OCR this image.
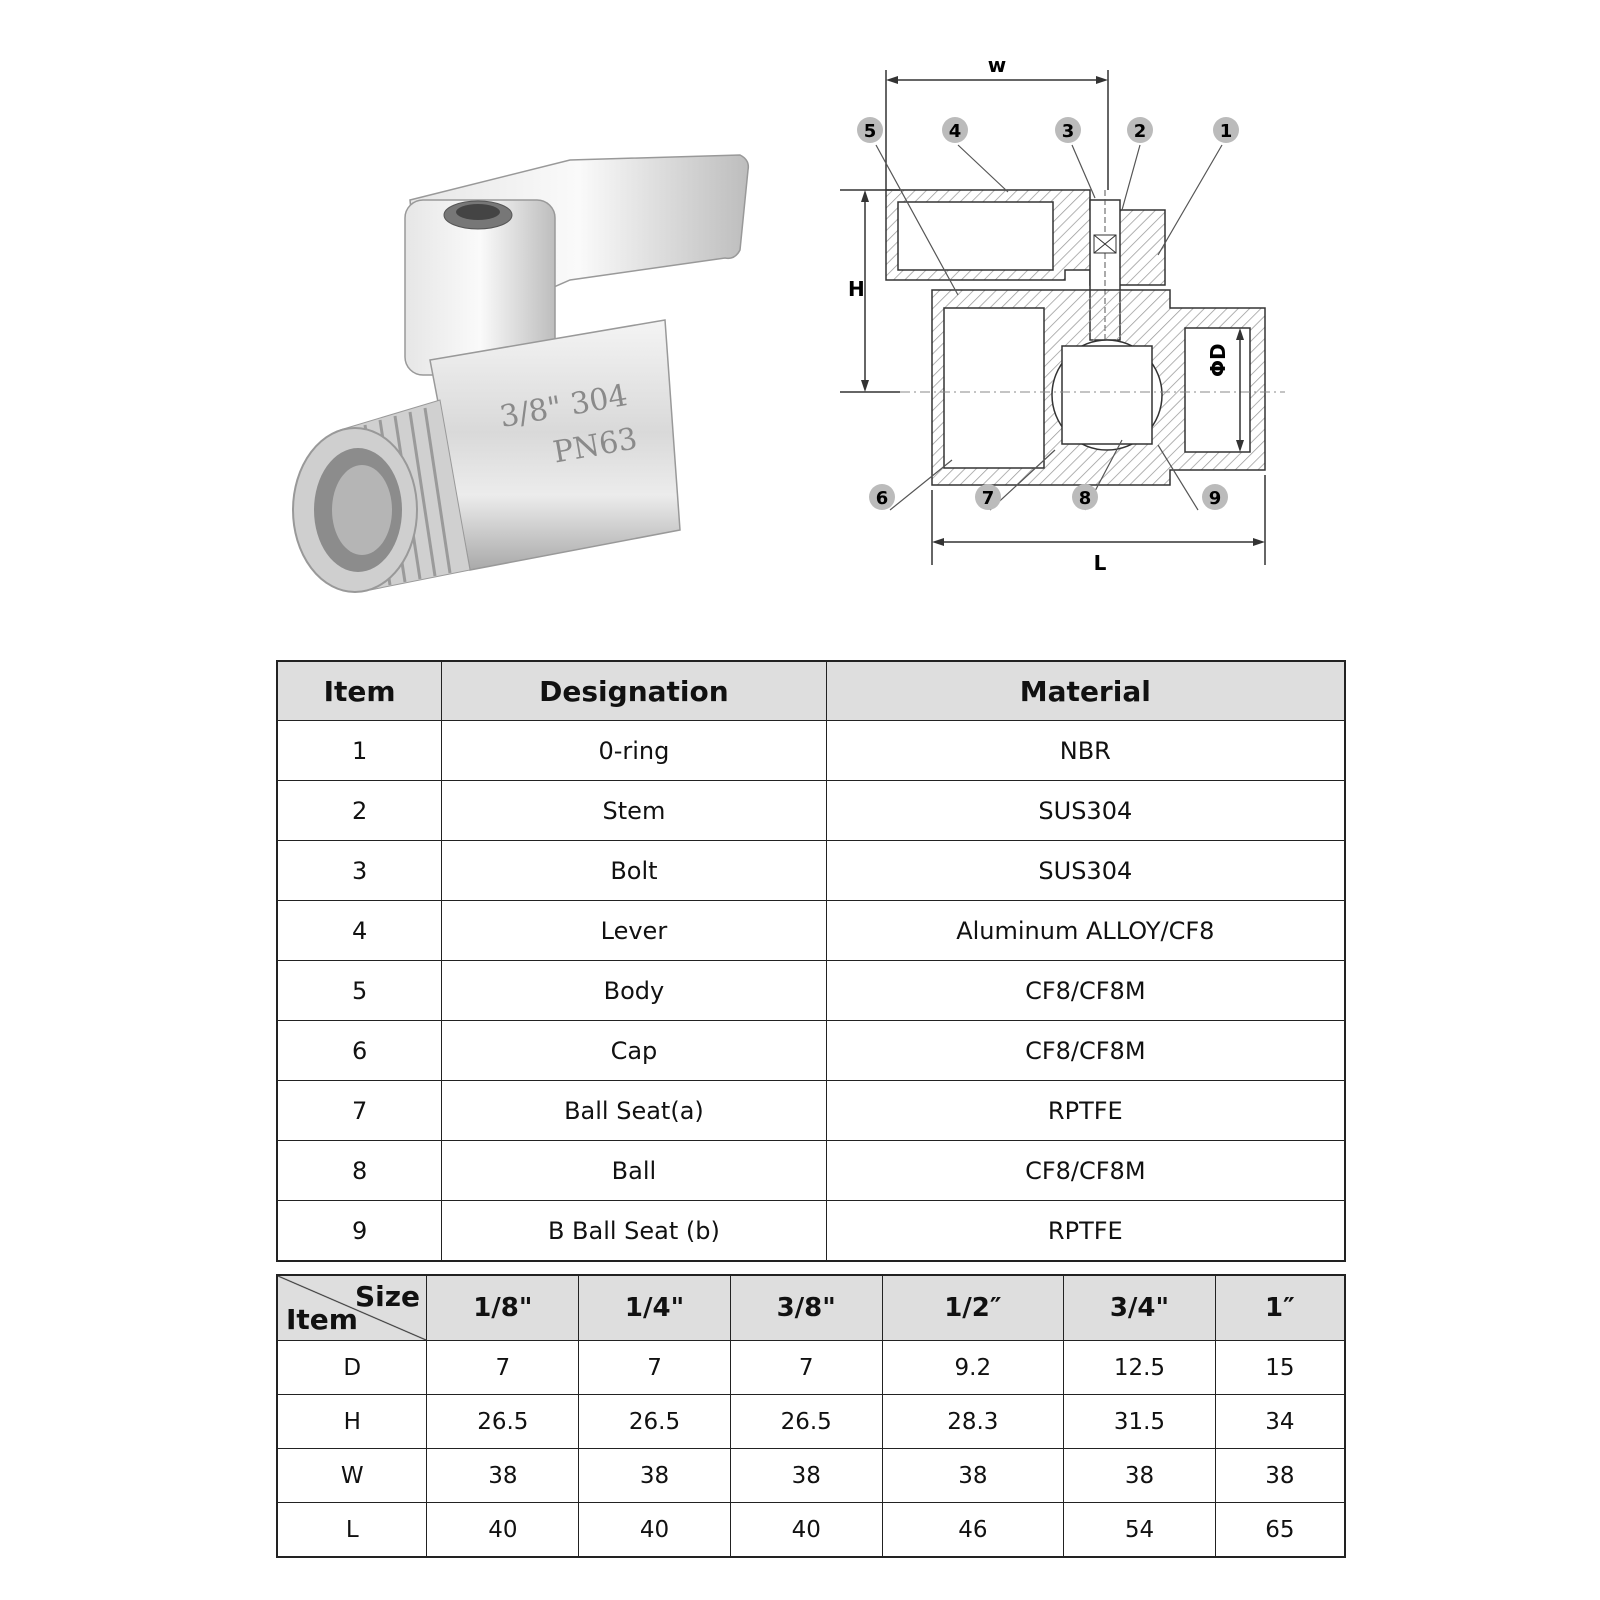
3/8" 304
PN63
w
H
ΦD
L
5	4	3	2	1
6	7	8	9
Item	Designation	Material
1	0-ring	NBR
2	Stem	SUS304
3	Bolt	SUS304
4	Lever	Aluminum ALLOY/CF8
5	Body	CF8/CF8M
6	Cap	CF8/CF8M
7	Ball Seat(a)	RPTFE
8	Ball	CF8/CF8M
9	B Ball Seat (b)	RPTFE
Size
Item	1/8"	1/4"	3/8"	1/2″	3/4"	1″
D	7	7	7	9.2	12.5	15
H	26.5	26.5	26.5	28.3	31.5	34
W	38	38	38	38	38	38
L	40	40	40	46	54	65
